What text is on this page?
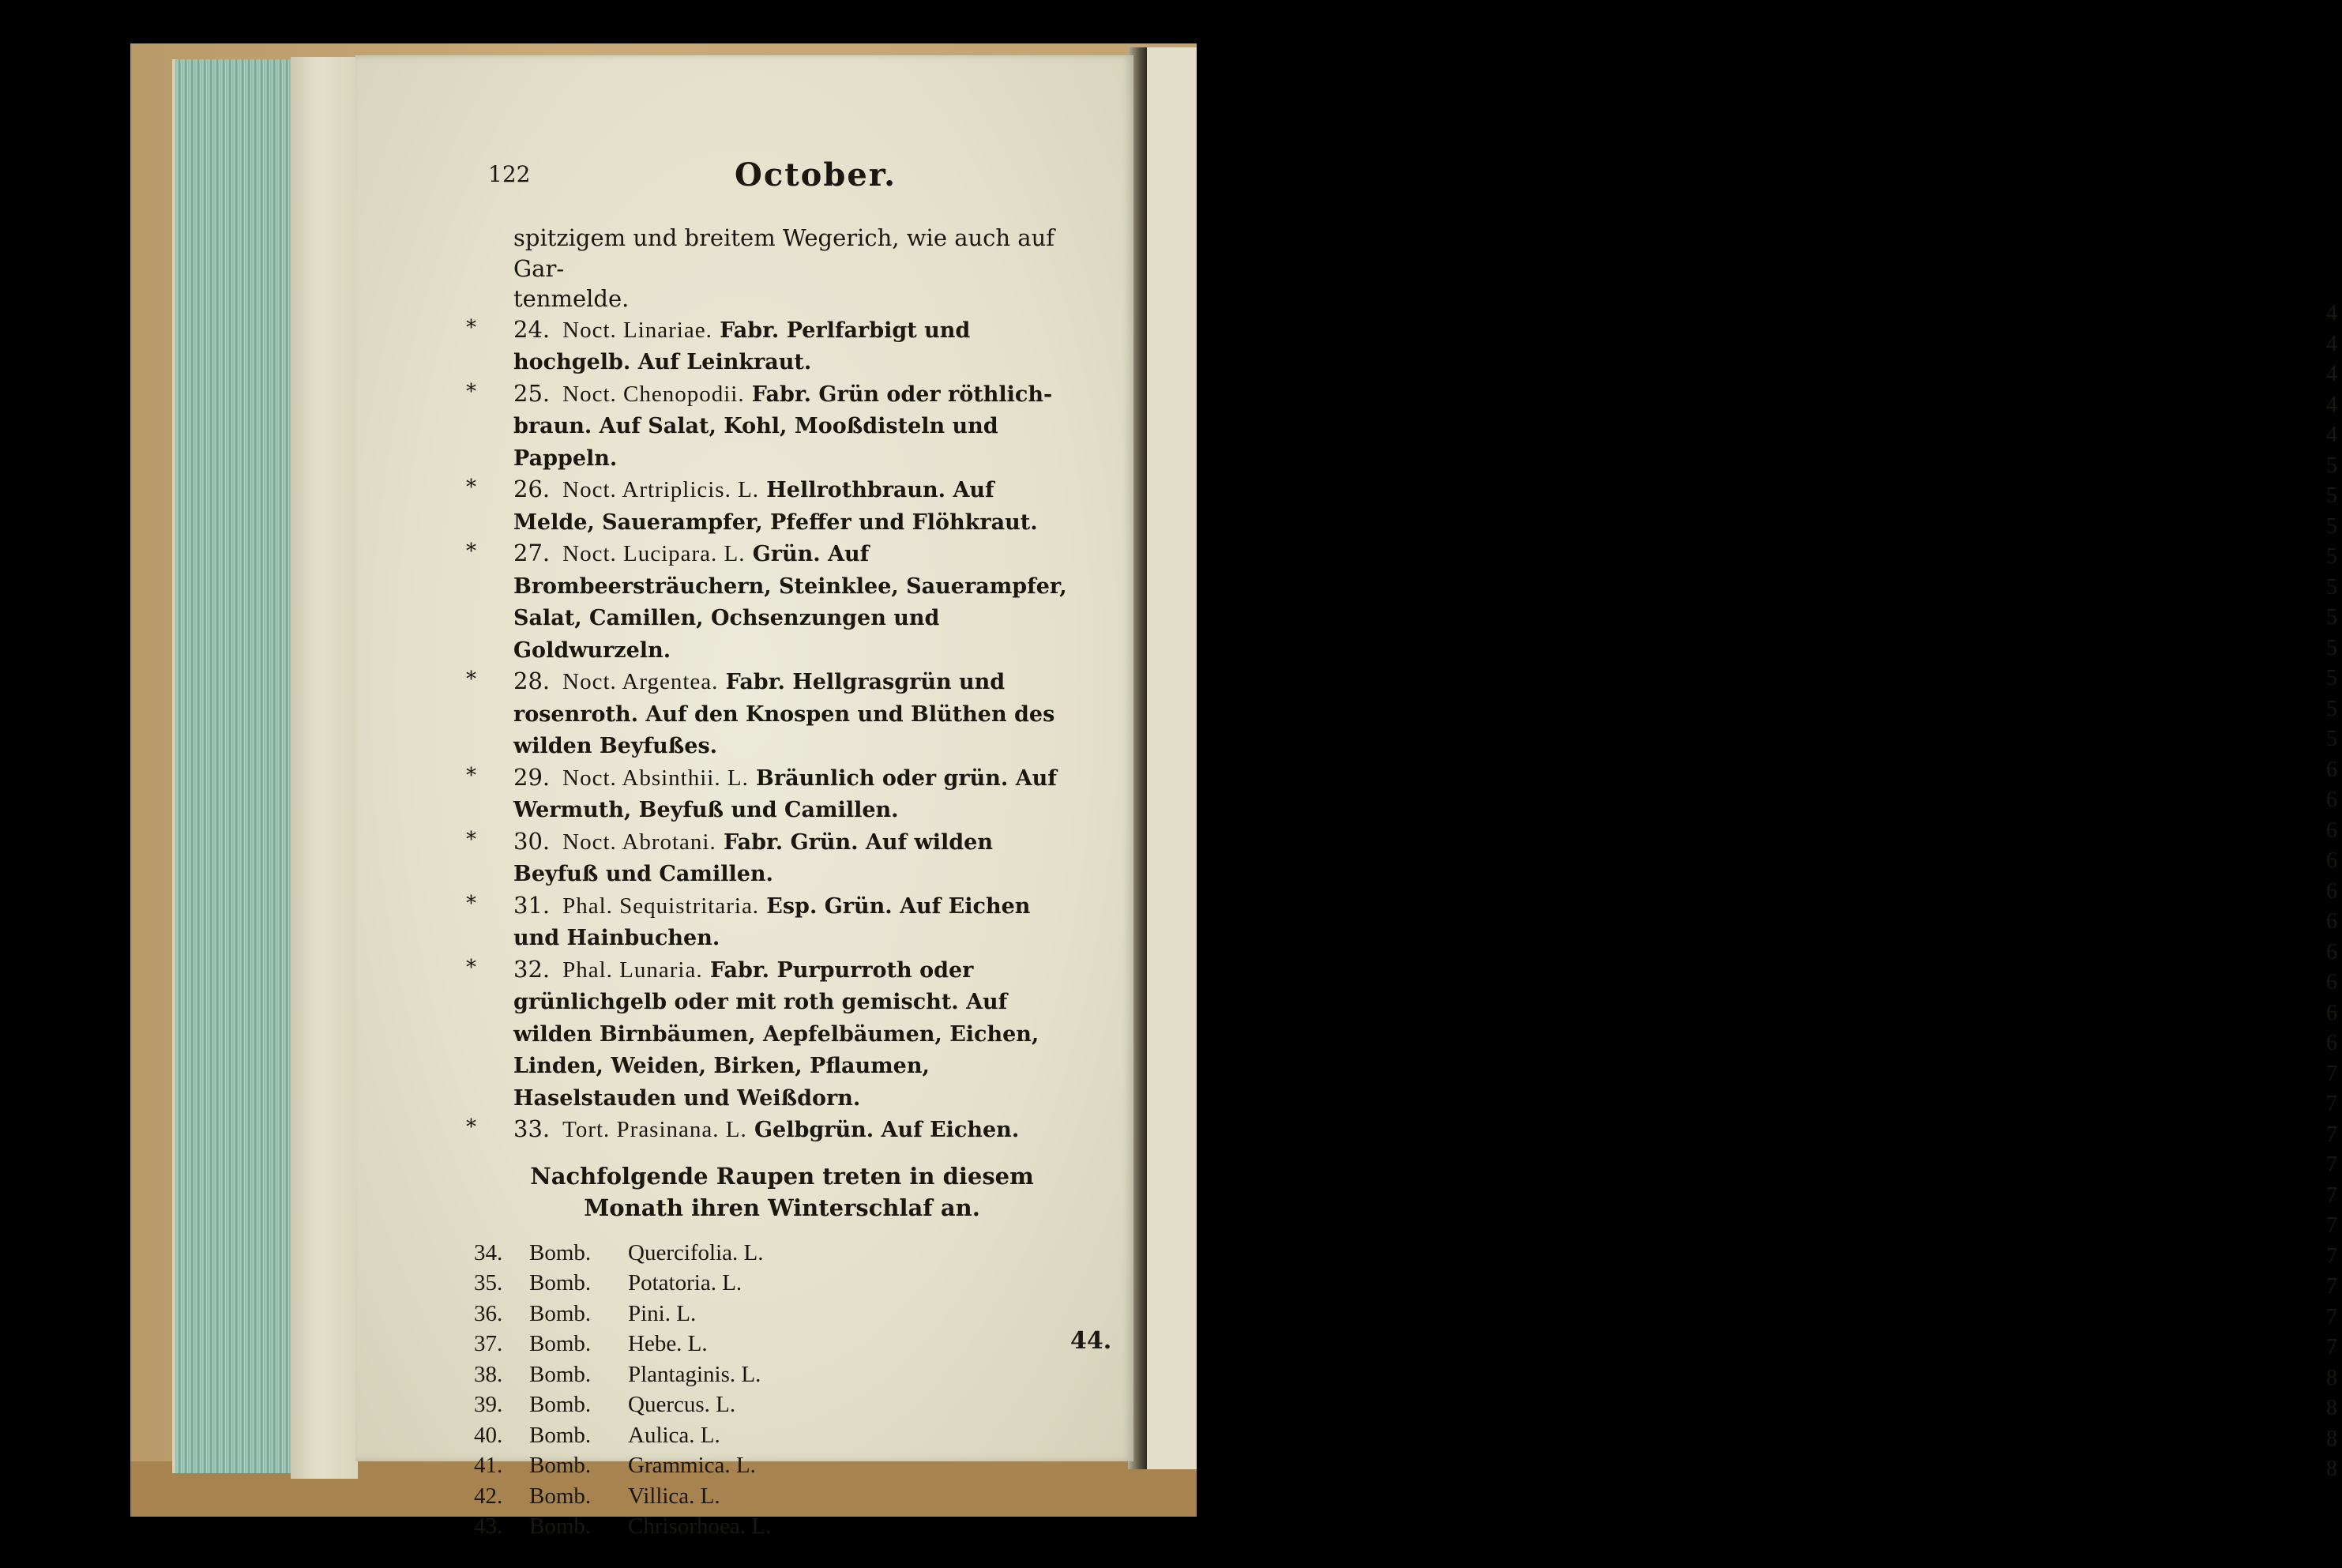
4
4
4
4
4
5
5
5
5
5
5
5
5
5
5
6
6
6
6
6
6
6
6
6
6
7
7
7
7
7
7
7
7
7
7
8
8
8
8
122	October.

spitzigem und breitem Wegerich, wie auch auf Gar-
tenmelde.

* 24. Noct. Linariae. Fabr. Perlfarbigt und hochgelb. Auf Leinkraut.

* 25. Noct. Chenopodii. Fabr. Grün oder röthlich-braun. Auf Salat, Kohl, Mooßdisteln und Pappeln.

* 26. Noct. Artriplicis. L. Hellrothbraun. Auf Melde, Sauerampfer, Pfeffer und Flöhkraut.

* 27. Noct. Lucipara. L. Grün. Auf Brombeersträuchern, Steinklee, Sauerampfer, Salat, Camillen, Ochsenzungen und Goldwurzeln.

* 28. Noct. Argentea. Fabr. Hellgrasgrün und rosenroth. Auf den Knospen und Blüthen des wilden Beyfußes.

* 29. Noct. Absinthii. L. Bräunlich oder grün. Auf Wermuth, Beyfuß und Camillen.

* 30. Noct. Abrotani. Fabr. Grün. Auf wilden Beyfuß und Camillen.

* 31. Phal. Sequistritaria. Esp. Grün. Auf Eichen und Hainbuchen.

* 32. Phal. Lunaria. Fabr. Purpurroth oder grünlichgelb oder mit roth gemischt. Auf wilden Birnbäumen, Aepfelbäumen, Eichen, Linden, Weiden, Birken, Pflaumen, Haselstauden und Weißdorn.

* 33. Tort. Prasinana. L. Gelbgrün. Auf Eichen.

Nachfolgende Raupen treten in diesem Monath ihren Winterschlaf an.
34. Bomb. Quercifolia. L.
35. Bomb. Potatoria. L.
36. Bomb. Pini. L.
37. Bomb. Hebe. L.
38. Bomb. Plantaginis. L.
39. Bomb. Quercus. L.
40. Bomb. Aulica. L.
41. Bomb. Grammica. L.
42. Bomb. Villica. L.
43. Bomb. Chrisorhoea. L.
44.
